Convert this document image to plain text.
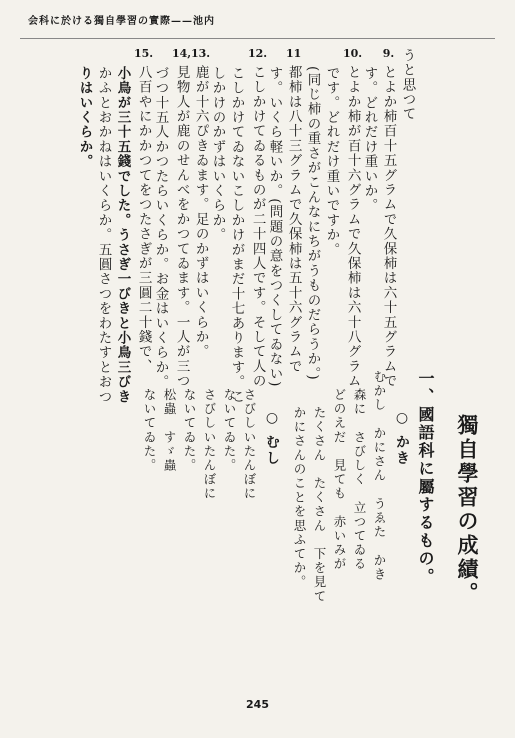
会科に於ける獨自學習の實際——池内
うと思つて
9.とよか柿百十五グラムで久保柿は六十五グラムで
す。どれだけ重いか。
10.とよか柿が百十六グラムで久保柿は六十八グラム
です。どれだけ重いですか。
(同じ柿の重さがこんなにちがうものだらうか。)
11都柿は八十三グラムで久保柿は五十六グラムで
す。いくら軽いか。(問題の意をつくしてゐない)
12.こしかけてゐるものが二十四人です。そして人の
こしかけてゐないこしかけがまだ十七あります。こ
しかけのかずはいくらか。
13.鹿が十六ぴきゐます。足のかずはいくらか。
14,見物人が鹿のせんべをかつてゐます。一人が三つ
づつ十五人かつたらいくらか。お金はいくらか。
15.八百やにかかつてをつたさぎが三圓二十錢で、
小鳥が三十五錢でした。うさぎ一びきと小鳥三びき
かふとおかねはいくらか。五圓さつをわたすとおつ
りはいくらか。
獨自學習の成績。
一、國語科に屬するもの。
○ かき
むかし　かにさん　うゑた　かき
森に　さびしく　立つてゐる
どのえだ　見ても　赤いみが
たくさん　たくさん　下を見て
かにさんのことを思ふてか。
○ むし
さびしいたんぼに
ないてゐた。
さびしいたんぼに
ないてゐた。
松蟲　すゞ蟲
ないてゐた。
245
